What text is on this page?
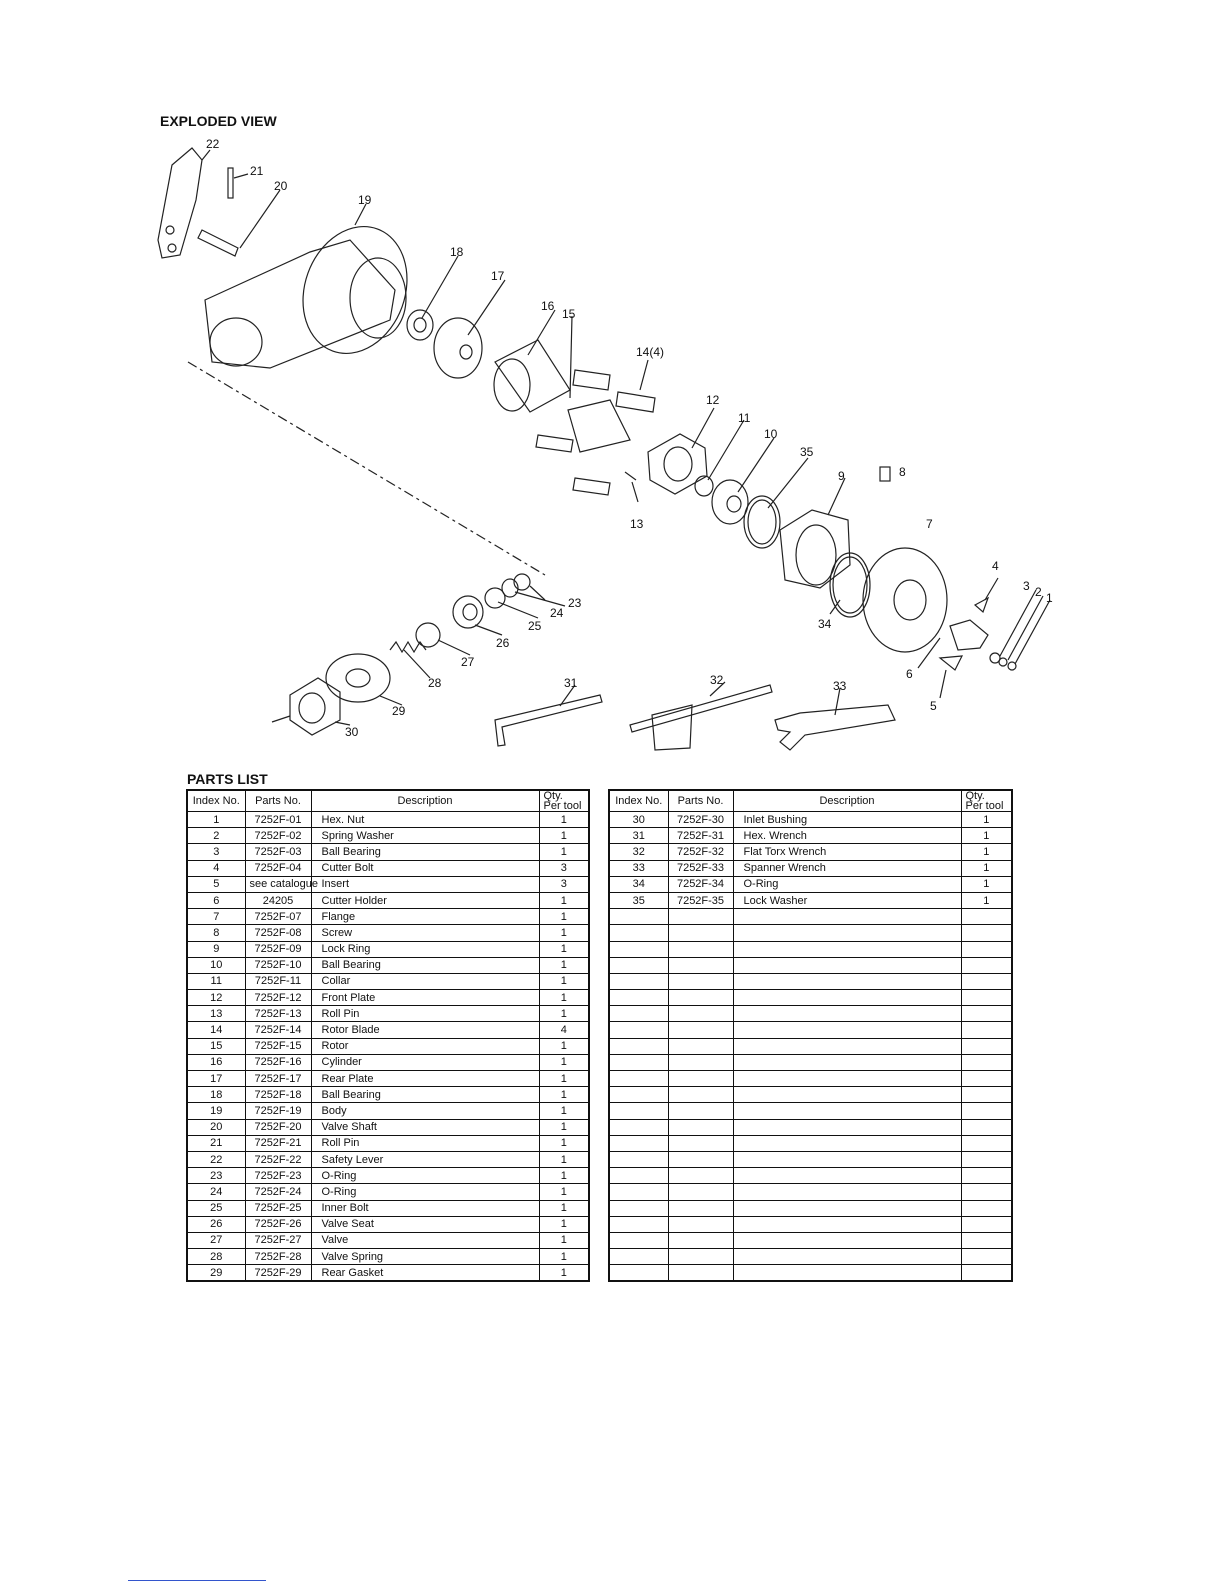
EXPLODED VIEW
22
21
20
19
18
17
16
15
14(4)
12
11
10
35
9	8
7
13
4
3 2 1
34
6
5
23
24
25
26
27
28
29
30
31	32	33
PARTS LIST
Index No.	Parts No.	Description	Qty.
Per tool
1	7252F-01	Hex. Nut	1
2	7252F-02	Spring Washer	1
3	7252F-03	Ball Bearing	1
4	7252F-04	Cutter Bolt	3
5	see catalogue	Insert	3
6	24205	Cutter Holder	1
7	7252F-07	Flange	1
8	7252F-08	Screw	1
9	7252F-09	Lock Ring	1
10	7252F-10	Ball Bearing	1
11	7252F-11	Collar	1
12	7252F-12	Front Plate	1
13	7252F-13	Roll Pin	1
14	7252F-14	Rotor Blade	4
15	7252F-15	Rotor	1
16	7252F-16	Cylinder	1
17	7252F-17	Rear Plate	1
18	7252F-18	Ball Bearing	1
19	7252F-19	Body	1
20	7252F-20	Valve Shaft	1
21	7252F-21	Roll Pin	1
22	7252F-22	Safety Lever	1
23	7252F-23	O-Ring	1
24	7252F-24	O-Ring	1
25	7252F-25	Inner Bolt	1
26	7252F-26	Valve Seat	1
27	7252F-27	Valve	1
28	7252F-28	Valve Spring	1
29	7252F-29	Rear Gasket	1
Index No.	Parts No.	Description	Qty.
Per tool
30	7252F-30	Inlet Bushing	1
31	7252F-31	Hex. Wrench	1
32	7252F-32	Flat Torx Wrench	1
33	7252F-33	Spanner Wrench	1
34	7252F-34	O-Ring	1
35	7252F-35	Lock Washer	1
